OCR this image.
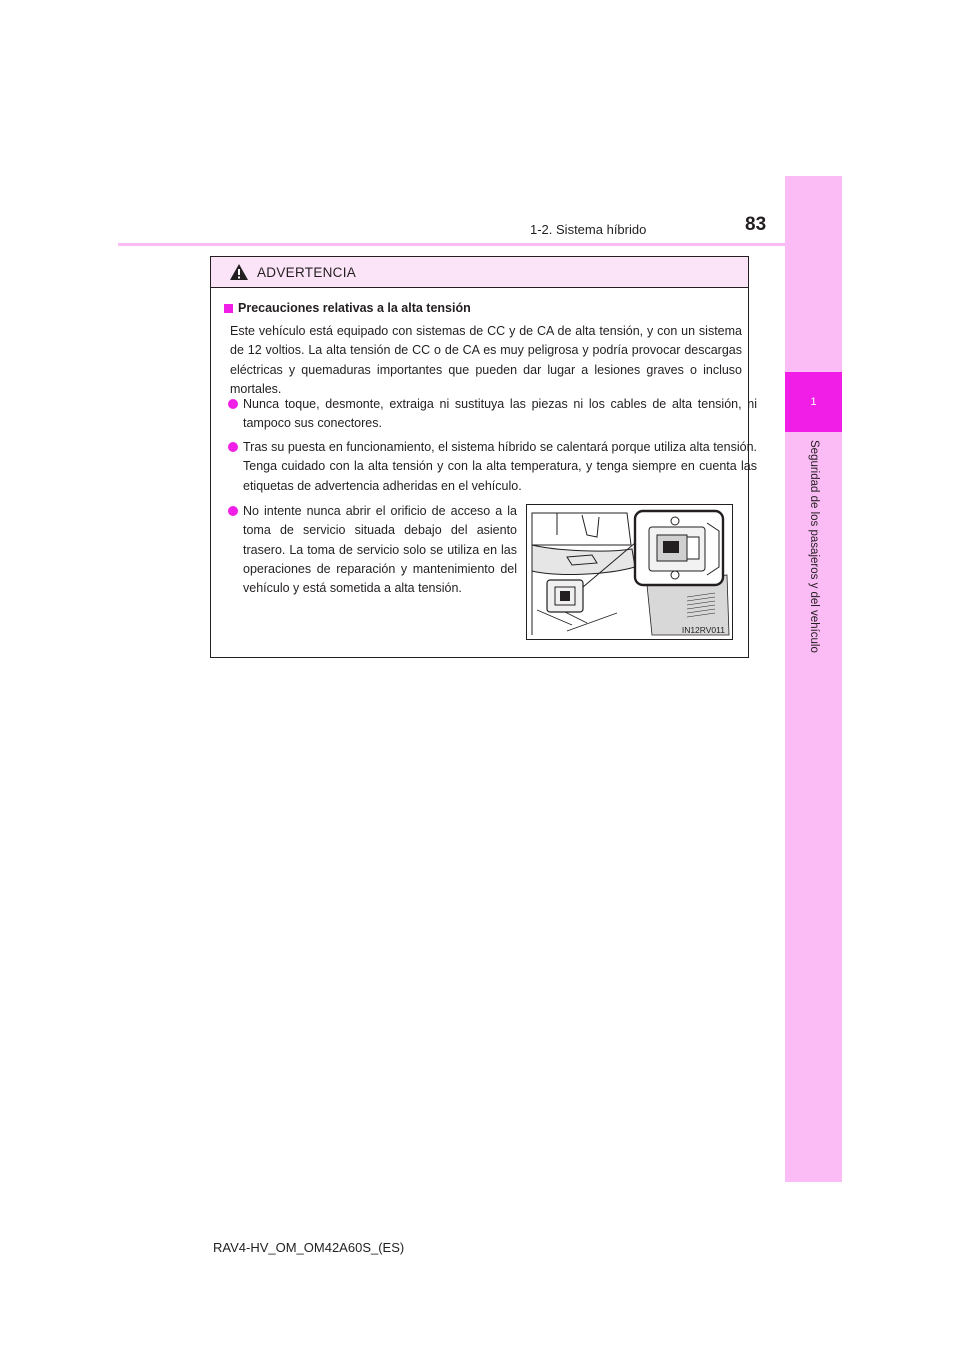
1
Seguridad de los pasajeros y del vehículo
1-2. Sistema híbrido	83
ADVERTENCIA
Precauciones relativas a la alta tensión

Este vehículo está equipado con sistemas de CC y de CA de alta tensión, y con un sistema de 12 voltios. La alta tensión de CC o de CA es muy peligrosa y podría provocar descargas eléctricas y quemaduras importantes que pueden dar lugar a lesiones graves o incluso mortales.

Nunca toque, desmonte, extraiga ni sustituya las piezas ni los cables de alta tensión, ni tampoco sus conectores.
Tras su puesta en funcionamiento, el sistema híbrido se calentará porque utiliza alta tensión. Tenga cuidado con la alta tensión y con la alta temperatura, y tenga siempre en cuenta las etiquetas de advertencia adheridas en el vehículo.
No intente nunca abrir el orificio de acceso a la toma de servicio situada debajo del asiento trasero. La toma de servicio solo se utiliza en las operaciones de reparación y mantenimiento del vehículo y está sometida a alta tensión.
IN12RV011
RAV4-HV_OM_OM42A60S_(ES)
